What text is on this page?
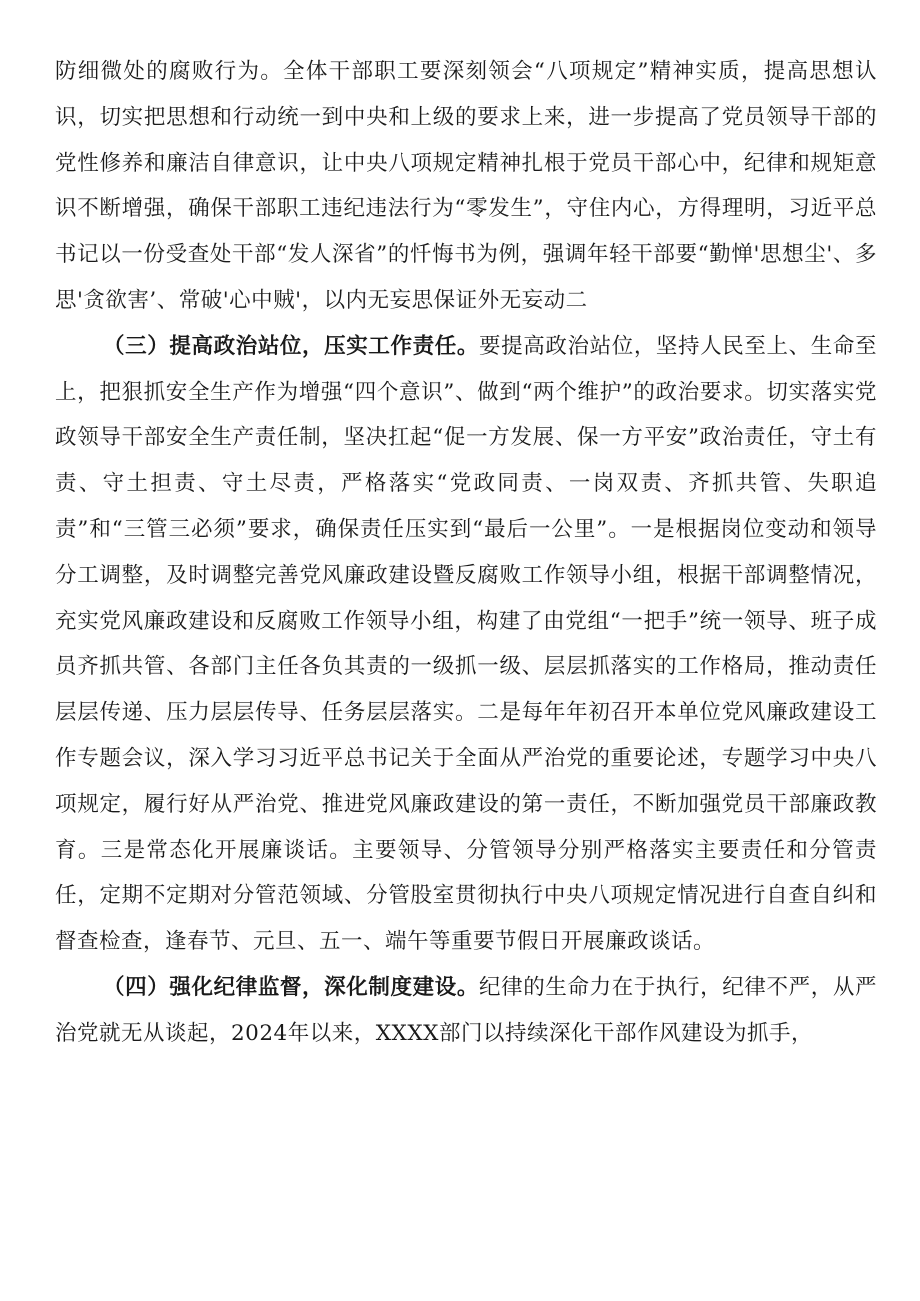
防细微处的腐败行为。全体干部职工要深刻领会“八项规定”精神实质，提高思想认识，切实把思想和行动统一到中央和上级的要求上来，进一步提高了党员领导干部的党性修养和廉洁自律意识，让中央八项规定精神扎根于党员干部心中，纪律和规矩意识不断增强，确保干部职工违纪违法行为“零发生”，守住内心，方得理明，习近平总书记以一份受查处干部“发人深省”的忏悔书为例，强调年轻干部要“勤惮'思想尘'、多思'贪欲害’、常破'心中贼'，以内无妄思保证外无妄动二

（三）提高政治站位，压实工作责任。要提高政治站位，坚持人民至上、生命至上，把狠抓安全生产作为增强“四个意识”、做到“两个维护”的政治要求。切实落实党政领导干部安全生产责任制，坚决扛起“促一方发展、保一方平安”政治责任，守土有责、守土担责、守土尽责，严格落实“党政同责、一岗双责、齐抓共管、失职追责”和“三管三必须”要求，确保责任压实到“最后一公里”。一是根据岗位变动和领导分工调整，及时调整完善党风廉政建设暨反腐败工作领导小组，根据干部调整情况，充实党风廉政建设和反腐败工作领导小组，构建了由党组“一把手”统一领导、班子成员齐抓共管、各部门主任各负其责的一级抓一级、层层抓落实的工作格局，推动责任层层传递、压力层层传导、任务层层落实。二是每年年初召开本单位党风廉政建设工作专题会议，深入学习习近平总书记关于全面从严治党的重要论述，专题学习中央八项规定，履行好从严治党、推进党风廉政建设的第一责任，不断加强党员干部廉政教育。三是常态化开展廉谈话。主要领导、分管领导分别严格落实主要责任和分管责任，定期不定期对分管范领域、分管股室贯彻执行中央八项规定情况进行自查自纠和督查检查，逢春节、元旦、五一、端午等重要节假日开展廉政谈话。

（四）强化纪律监督，深化制度建设。纪律的生命力在于执行，纪律不严，从严治党就无从谈起，2024年以来，XXXX部门以持续深化干部作风建设为抓手，
